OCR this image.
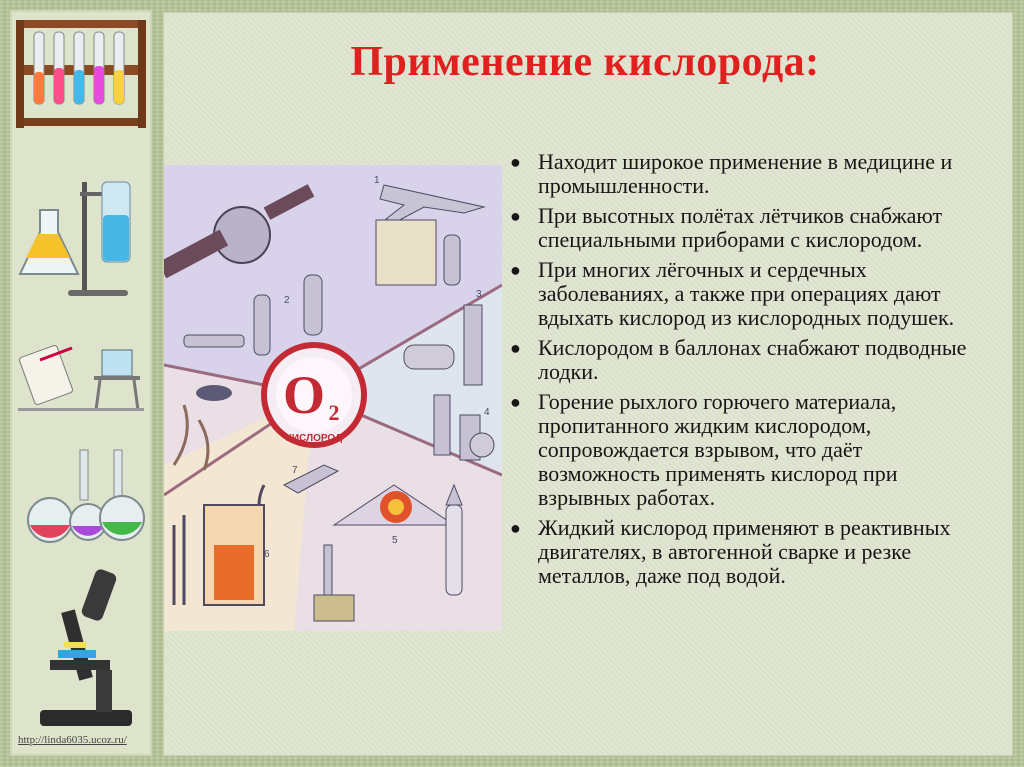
Применение кислорода:
O 2
КИСЛОРОД
1
2
3
4
5
6
7
● Находит широкое применение в медицине и промышленности.
● При высотных полётах лётчиков снабжают специальными приборами с кислородом.
● При многих лёгочных и сердечных заболеваниях, а также при операциях дают вдыхать кислород из кислородных подушек.
● Кислородом в баллонах снабжают подводные лодки.
● Горение рыхлого горючего материала, пропитанного жидким кислородом, сопровождается взрывом, что даёт возможность применять кислород при взрывных работах.
● Жидкий кислород применяют в реактивных двигателях, в автогенной сварке и резке металлов, даже под водой.
http://linda6035.ucoz.ru/
